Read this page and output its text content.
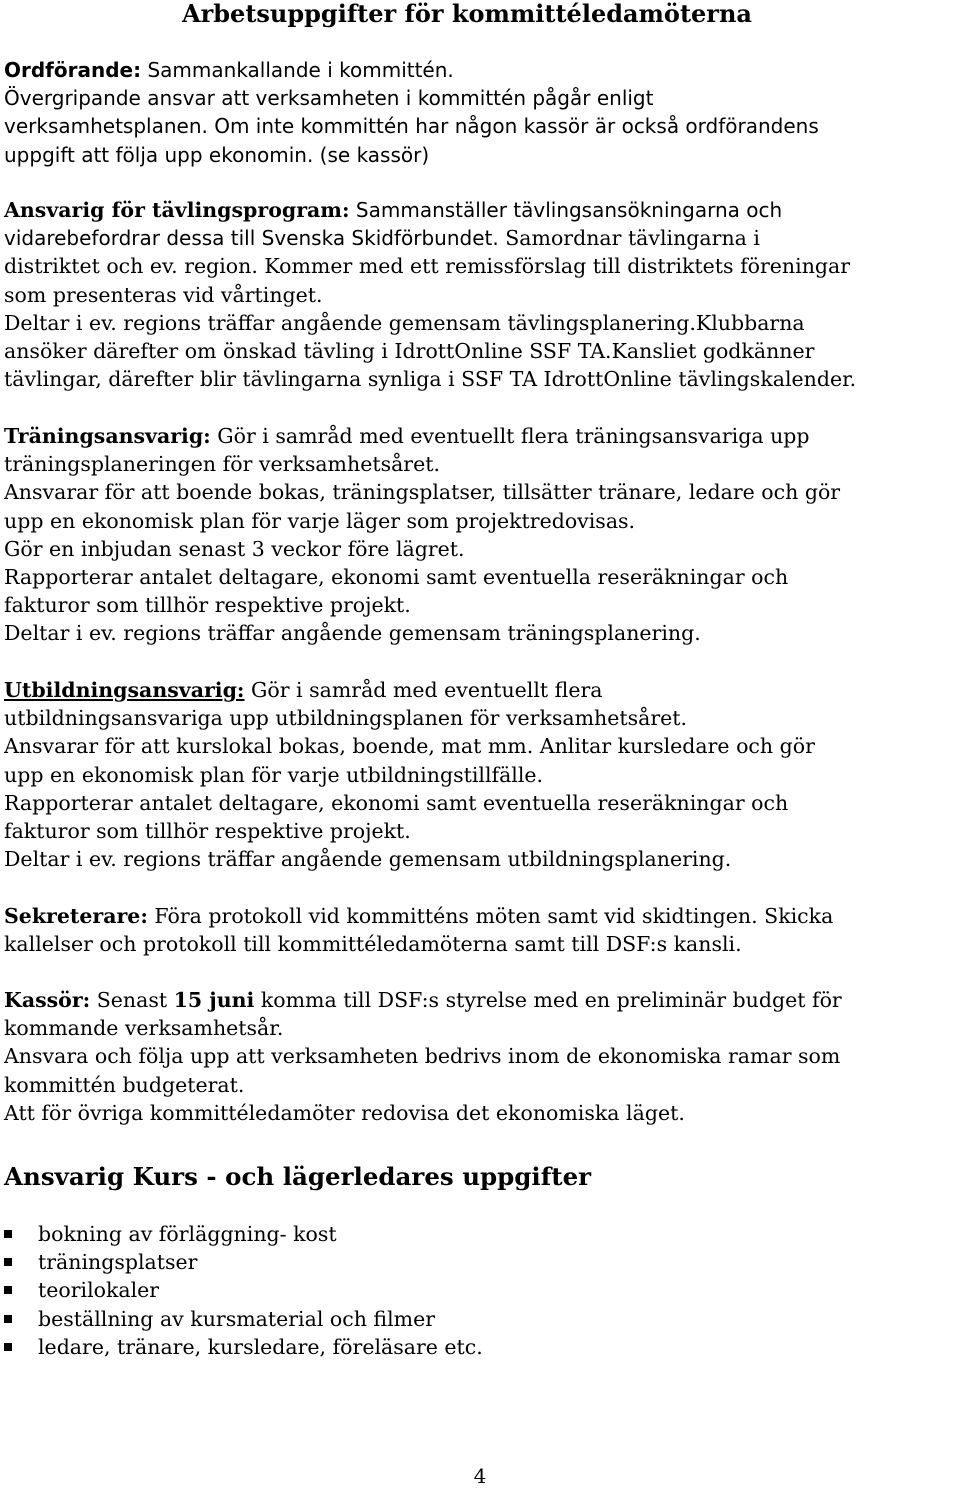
Arbetsuppgifter för kommittéledamöterna
Ordförande: Sammankallande i kommittén.
Övergripande ansvar att verksamheten i kommittén pågår enligt
verksamhetsplanen. Om inte kommittén har någon kassör är också ordförandens
uppgift att följa upp ekonomin. (se kassör)
Ansvarig för tävlingsprogram: Sammanställer tävlingsansökningarna och
vidarebefordrar dessa till Svenska Skidförbundet. Samordnar tävlingarna i
distriktet och ev. region. Kommer med ett remissförslag till distriktets föreningar
som presenteras vid vårtinget.
Deltar i ev. regions träffar angående gemensam tävlingsplanering.Klubbarna
ansöker därefter om önskad tävling i IdrottOnline SSF TA.Kansliet godkänner
tävlingar, därefter blir tävlingarna synliga i SSF TA IdrottOnline tävlingskalender.
Träningsansvarig: Gör i samråd med eventuellt flera träningsansvariga upp
träningsplaneringen för verksamhetsåret.
Ansvarar för att boende bokas, träningsplatser, tillsätter tränare, ledare och gör
upp en ekonomisk plan för varje läger som projektredovisas.
Gör en inbjudan senast 3 veckor före lägret.
Rapporterar antalet deltagare, ekonomi samt eventuella reseräkningar och
fakturor som tillhör respektive projekt.
Deltar i ev. regions träffar angående gemensam träningsplanering.
Utbildningsansvarig: Gör i samråd med eventuellt flera
utbildningsansvariga upp utbildningsplanen för verksamhetsåret.
Ansvarar för att kurslokal bokas, boende, mat mm. Anlitar kursledare och gör
upp en ekonomisk plan för varje utbildningstillfälle.
Rapporterar antalet deltagare, ekonomi samt eventuella reseräkningar och
fakturor som tillhör respektive projekt.
Deltar i ev. regions träffar angående gemensam utbildningsplanering.
Sekreterare: Föra protokoll vid kommitténs möten samt vid skidtingen. Skicka
kallelser och protokoll till kommittéledamöterna samt till DSF:s kansli.
Kassör: Senast 15 juni komma till DSF:s styrelse med en preliminär budget för
kommande verksamhetsår.
Ansvara och följa upp att verksamheten bedrivs inom de ekonomiska ramar som
kommittén budgeterat.
Att för övriga kommittéledamöter redovisa det ekonomiska läget.
Ansvarig Kurs - och lägerledares uppgifter
bokning av förläggning- kost
träningsplatser
teorilokaler
beställning av kursmaterial och filmer
ledare, tränare, kursledare, föreläsare etc.
4
